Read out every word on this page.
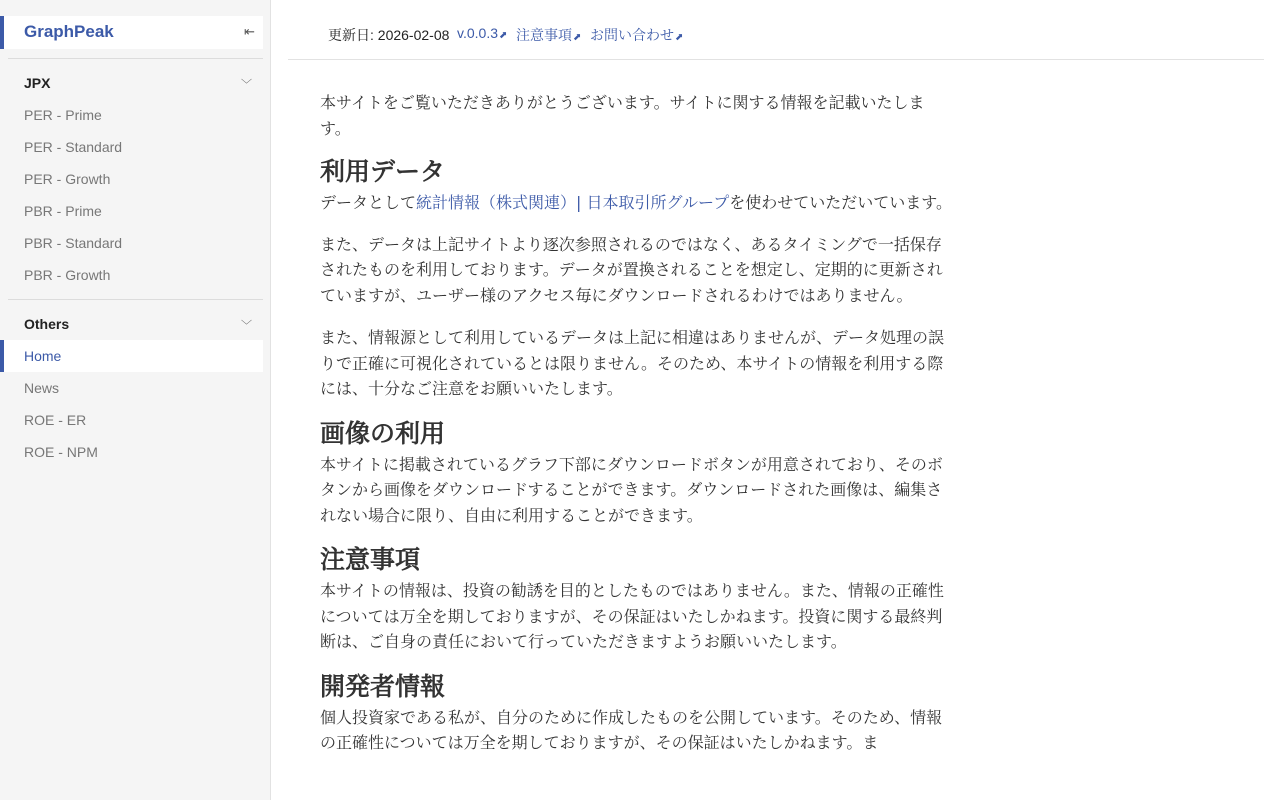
GraphPeak	⇤
JPX	﹀
PER - Prime
PER - Standard
PER - Growth
PBR - Prime
PBR - Standard
PBR - Growth
Others	﹀
Home
News
ROE - ER
ROE - NPM
更新日: 2026-02-08 v.0.0.3⬈ 注意事項⬈ お問い合わせ⬈

本サイトをご覧いただきありがとうございます。サイトに関する情報を記載いたします。

利用データ

データとして統計情報（株式関連）| 日本取引所グループを使わせていただいています。

また、データは上記サイトより逐次参照されるのではなく、あるタイミングで一括保存されたものを利用しております。データが置換されることを想定し、定期的に更新されていますが、ユーザー様のアクセス毎にダウンロードされるわけではありません。

また、情報源として利用しているデータは上記に相違はありませんが、データ処理の誤りで正確に可視化されているとは限りません。そのため、本サイトの情報を利用する際には、十分なご注意をお願いいたします。

画像の利用

本サイトに掲載されているグラフ下部にダウンロードボタンが用意されており、そのボタンから画像をダウンロードすることができます。ダウンロードされた画像は、編集されない場合に限り、自由に利用することができます。

注意事項

本サイトの情報は、投資の勧誘を目的としたものではありません。また、情報の正確性については万全を期しておりますが、その保証はいたしかねます。投資に関する最終判断は、ご自身の責任において行っていただきますようお願いいたします。

開発者情報

個人投資家である私が、自分のために作成したものを公開しています。そのため、情報の正確性については万全を期しておりますが、その保証はいたしかねます。ま
